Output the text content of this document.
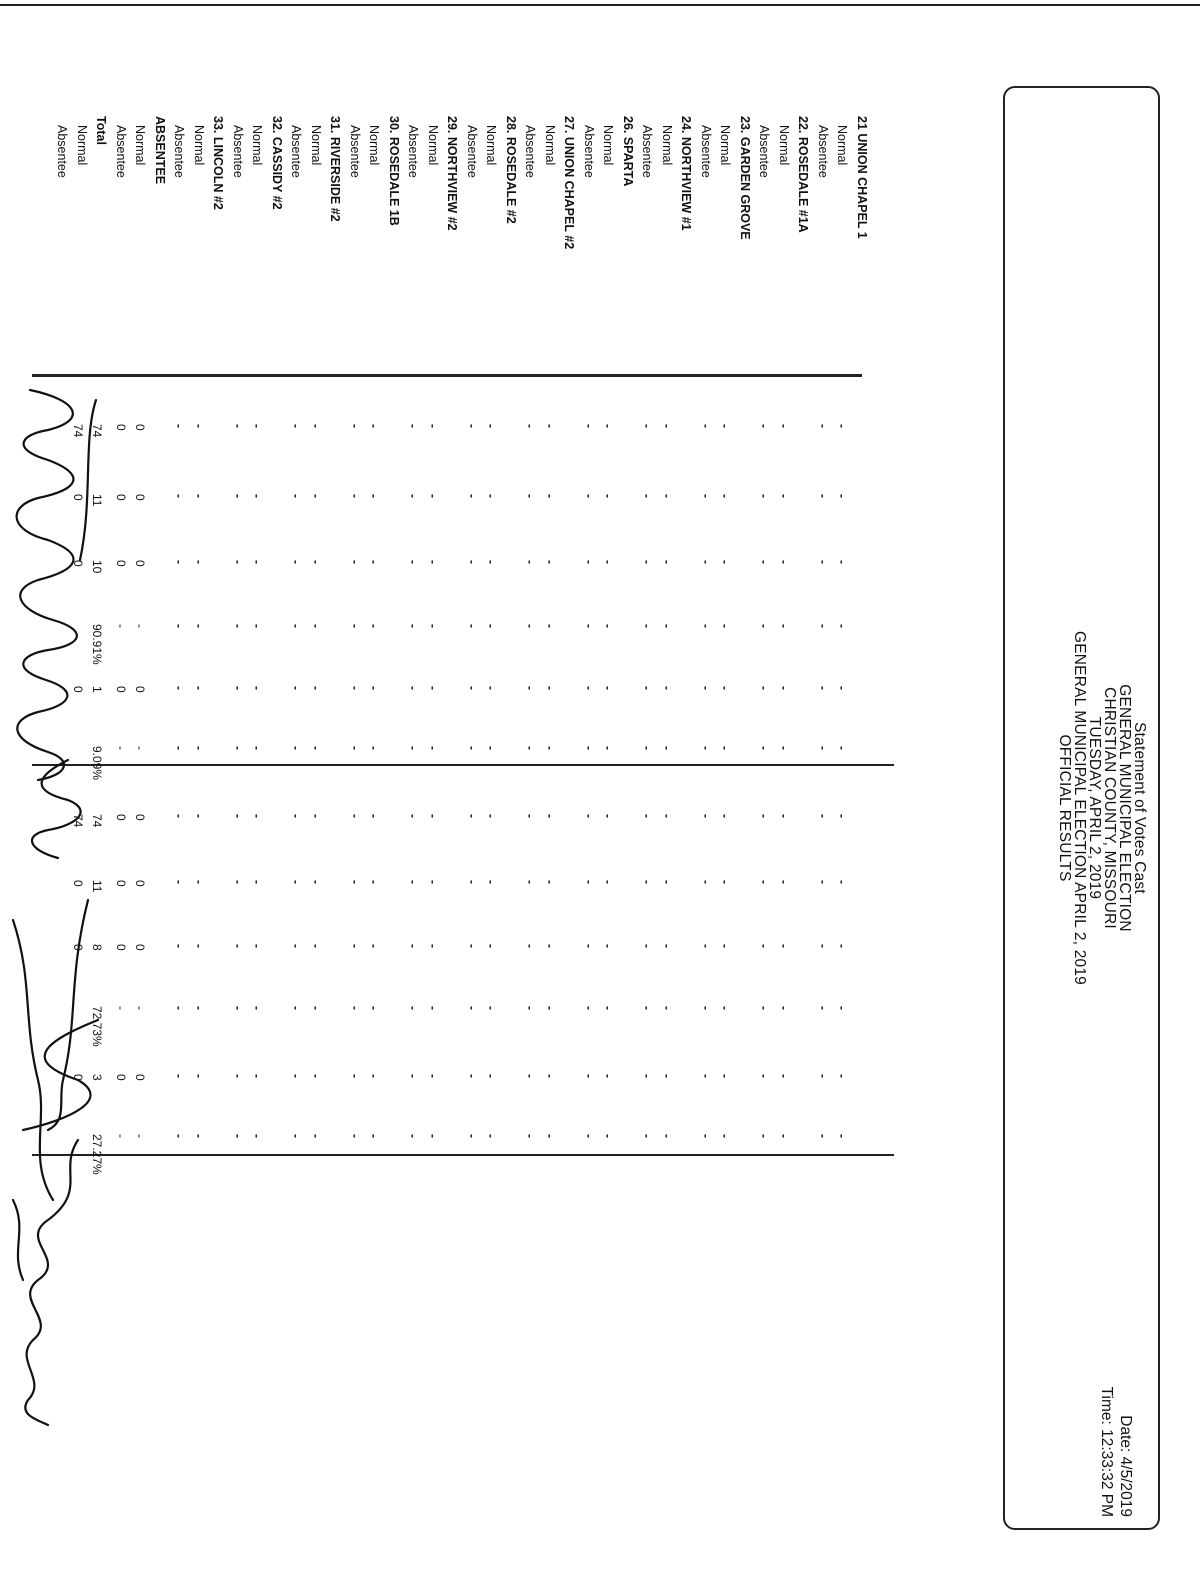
Statement of Votes Cast
GENERAL MUNICIPAL ELECTION
CHRISTIAN COUNTY, MISSOURI
TUESDAY, APRIL 2, 2019
GENERAL MUNICIPAL ELECTION APRIL 2, 2019
OFFICIAL RESULTS
Date: 4/5/2019
Time: 12:33:32 PM
21 UNION CHAPEL 1
Normal
Absentee
22. ROSEDALE #1A
Normal
Absentee
23. GARDEN GROVE
Normal
Absentee
24. NORTHVIEW #1
Normal
Absentee
26. SPARTA
Normal
Absentee
27. UNION CHAPEL #2
Normal
Absentee
28. ROSEDALE #2
Normal
Absentee
29. NORTHVIEW #2
Normal
Absentee
30. ROSEDALE 1B
Normal
Absentee
31. RIVERSIDE #2
Normal
Absentee
32. CASSIDY #2
Normal
Absentee
33. LINCOLN #2
Normal
Absentee
ABSENTEE
Normal
Absentee
Total
Normal
Absentee
-
-
-
-
-
-
-
-
-
-
-
-
-
-
-
-
-
-
-
-
-
-
-
-
-
-
-
-
-
-
-
-
-
-
-
-
-
-
-
-
-
-
-
-
-
-
-
-
-
-
-
-
-
-
-
-
-
-
-
-
-
-
-
-
-
-
-
-
-
-
-
-
-
-
-
-
-
-
-
-
-
-
-
-
-
-
-
-
-
-
-
-
-
-
-
-
-
-
-
-
-
-
-
-
-
-
-
-
-
-
-
-
-
-
-
-
-
-
-
-
-
-
-
-
-
-
-
-
-
-
-
-
-
-
-
-
-
-
-
-
-
-
-
-
0
0
74
74
0
0
11
0
0
0
10
0
-
-
90.91%
0
0
1
0
-
-
9.09%
-
-
-
-
-
-
-
-
-
-
-
-
-
-
-
-
-
-
-
-
-
-
-
-
-
-
-
-
-
-
-
-
-
-
-
-
-
-
-
-
-
-
-
-
-
-
-
-
-
-
-
-
-
-
-
-
-
-
-
-
-
-
-
-
-
-
-
-
-
-
-
-
-
-
-
-
-
-
-
-
-
-
-
-
-
-
-
-
-
-
-
-
-
-
-
-
-
-
-
-
-
-
-
-
-
-
-
-
-
-
-
-
-
-
-
-
-
-
-
-
-
-
-
-
-
-
-
-
-
-
-
-
-
-
-
-
-
-
-
-
-
-
-
-
0
0
74
74
0
0
11
0
0
0
8
0
-
-
72.73%
0
0
3
0
-
-
27.27%
